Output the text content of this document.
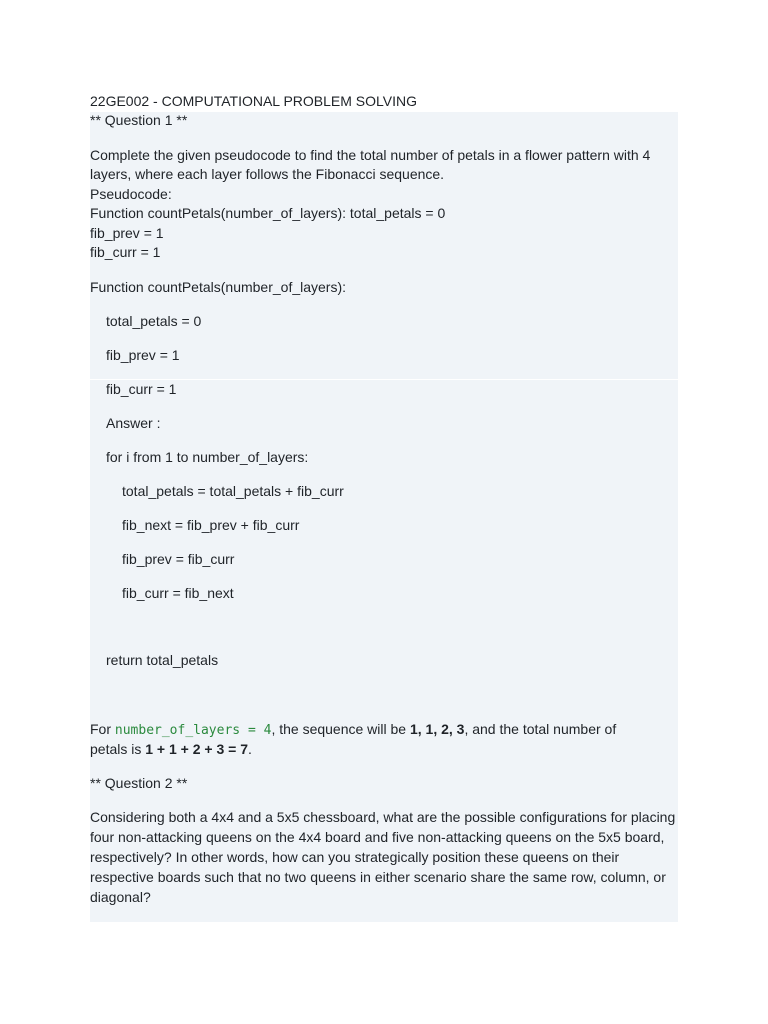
22GE002 - COMPUTATIONAL PROBLEM SOLVING
** Question 1 **
Complete the given pseudocode to find the total number of petals in a flower pattern with 4
layers, where each layer follows the Fibonacci sequence.
Pseudocode:
Function countPetals(number_of_layers): total_petals = 0
fib_prev = 1
fib_curr = 1
Function countPetals(number_of_layers):
total_petals = 0
fib_prev = 1
fib_curr = 1
Answer :
for i from 1 to number_of_layers:
total_petals = total_petals + fib_curr
fib_next = fib_prev + fib_curr
fib_prev = fib_curr
fib_curr = fib_next
return total_petals
For number_of_layers = 4, the sequence will be 1, 1, 2, 3, and the total number of
petals is 1 + 1 + 2 + 3 = 7.
** Question 2 **
Considering both a 4x4 and a 5x5 chessboard, what are the possible configurations for placing four non-attacking queens on the 4x4 board and five non-attacking queens on the 5x5 board, respectively? In other words, how can you strategically position these queens on their respective boards such that no two queens in either scenario share the same row, column, or diagonal?
